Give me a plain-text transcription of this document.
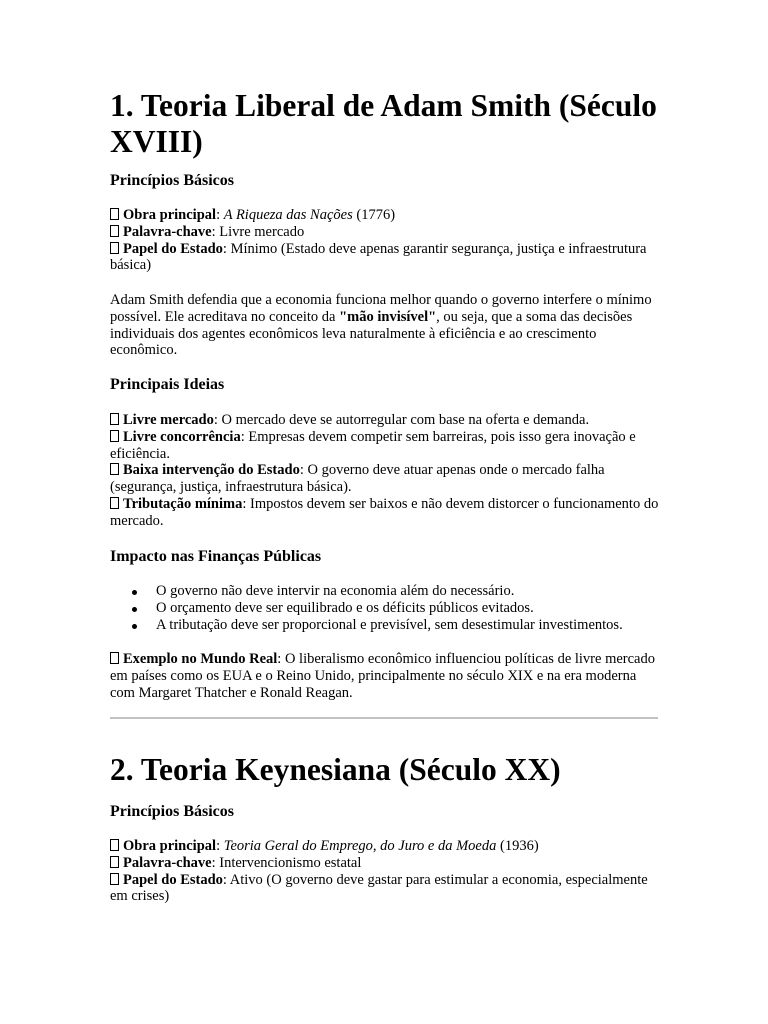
1. Teoria Liberal de Adam Smith (Século XVIII)
Princípios Básicos
Obra principal: A Riqueza das Nações (1776)
Palavra-chave: Livre mercado
Papel do Estado: Mínimo (Estado deve apenas garantir segurança, justiça e infraestrutura básica)

Adam Smith defendia que a economia funciona melhor quando o governo interfere o mínimo possível. Ele acreditava no conceito da "mão invisível", ou seja, que a soma das decisões individuais dos agentes econômicos leva naturalmente à eficiência e ao crescimento econômico.

Principais Ideias
Livre mercado: O mercado deve se autorregular com base na oferta e demanda.
Livre concorrência: Empresas devem competir sem barreiras, pois isso gera inovação e eficiência.
Baixa intervenção do Estado: O governo deve atuar apenas onde o mercado falha (segurança, justiça, infraestrutura básica).
Tributação mínima: Impostos devem ser baixos e não devem distorcer o funcionamento do mercado.
Impacto nas Finanças Públicas
O governo não deve intervir na economia além do necessário.
O orçamento deve ser equilibrado e os déficits públicos evitados.
A tributação deve ser proporcional e previsível, sem desestimular investimentos.

Exemplo no Mundo Real: O liberalismo econômico influenciou políticas de livre mercado em países como os EUA e o Reino Unido, principalmente no século XIX e na era moderna com Margaret Thatcher e Ronald Reagan.

2. Teoria Keynesiana (Século XX)
Princípios Básicos
Obra principal: Teoria Geral do Emprego, do Juro e da Moeda (1936)
Palavra-chave: Intervencionismo estatal
Papel do Estado: Ativo (O governo deve gastar para estimular a economia, especialmente em crises)
